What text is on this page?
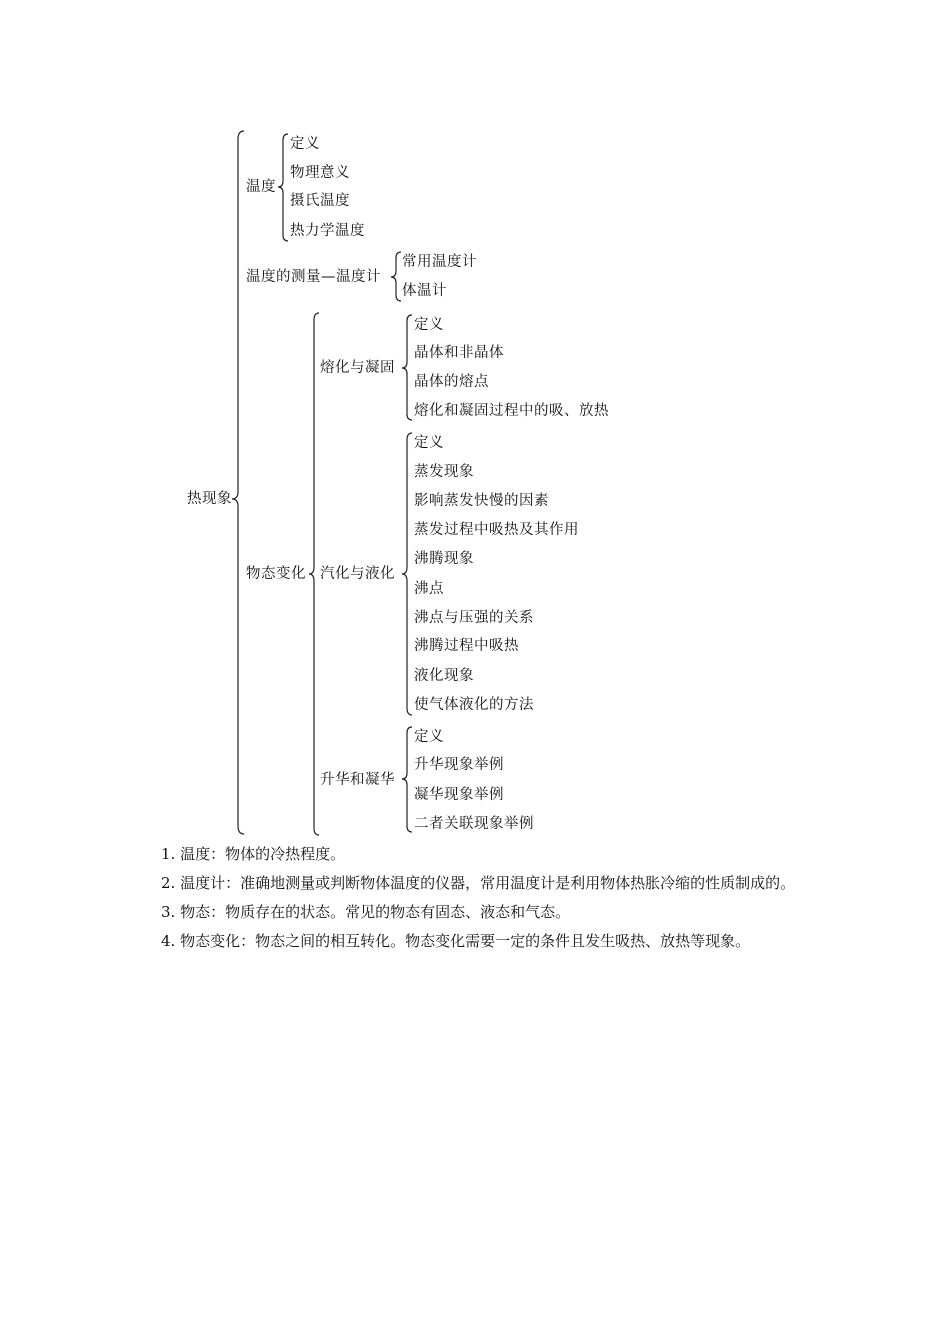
热现象
温度
定义
物理意义
摄氏温度
热力学温度
温度的测量—温度计
常用温度计
体温计
物态变化
熔化与凝固
定义
晶体和非晶体
晶体的熔点
熔化和凝固过程中的吸、放热
汽化与液化
定义
蒸发现象
影响蒸发快慢的因素
蒸发过程中吸热及其作用
沸腾现象
沸点
沸点与压强的关系
沸腾过程中吸热
液化现象
使气体液化的方法
升华和凝华
定义
升华现象举例
凝华现象举例
二者关联现象举例

1. 温度：物体的冷热程度。

2. 温度计：准确地测量或判断物体温度的仪器，常用温度计是利用物体热胀冷缩的性质制成的。

3. 物态：物质存在的状态。常见的物态有固态、液态和气态。

4. 物态变化：物态之间的相互转化。物态变化需要一定的条件且发生吸热、放热等现象。
